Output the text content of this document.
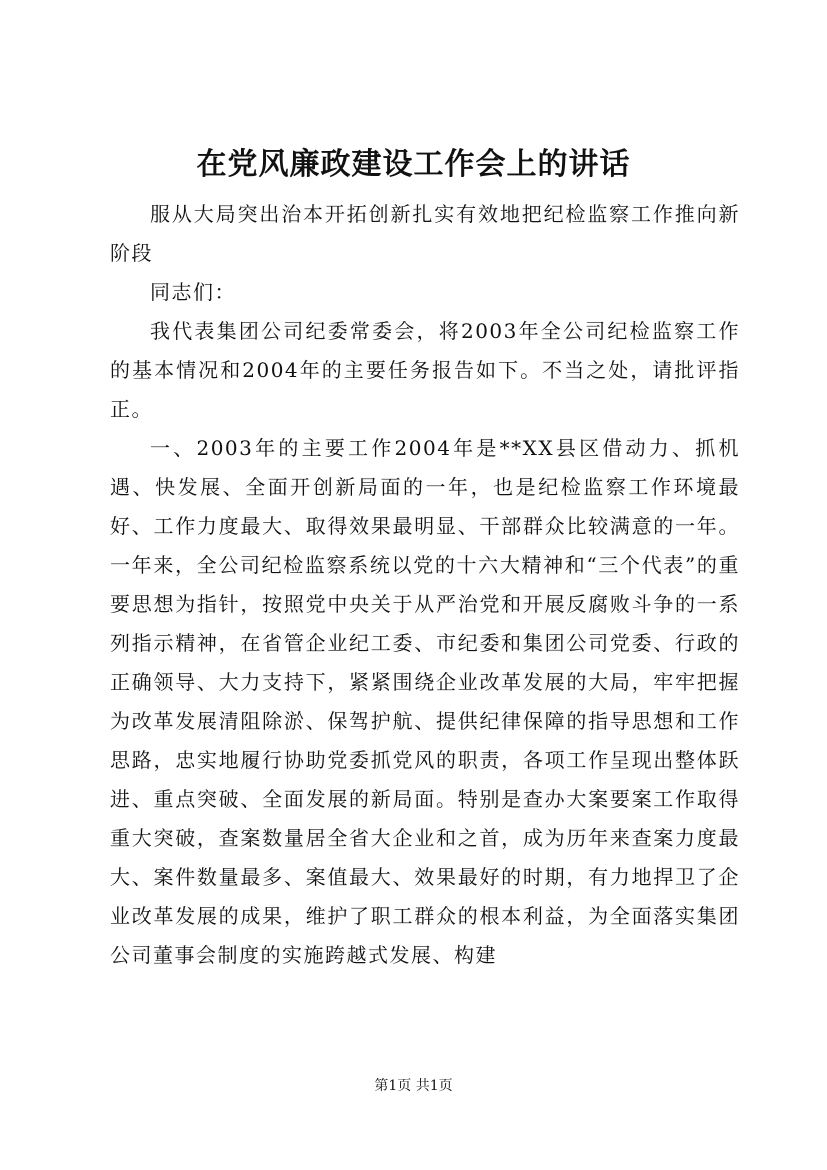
在党风廉政建设工作会上的讲话

服从大局突出治本开拓创新扎实有效地把纪检监察工作推向新阶段

同志们：

我代表集团公司纪委常委会，将2003年全公司纪检监察工作的基本情况和2004年的主要任务报告如下。不当之处，请批评指正。

一、2003年的主要工作2004年是**XX县区借动力、抓机遇、快发展、全面开创新局面的一年，也是纪检监察工作环境最好、工作力度最大、取得效果最明显、干部群众比较满意的一年。一年来，全公司纪检监察系统以党的十六大精神和“三个代表”的重要思想为指针，按照党中央关于从严治党和开展反腐败斗争的一系列指示精神，在省管企业纪工委、市纪委和集团公司党委、行政的正确领导、大力支持下，紧紧围绕企业改革发展的大局，牢牢把握为改革发展清阻除淤、保驾护航、提供纪律保障的指导思想和工作思路，忠实地履行协助党委抓党风的职责，各项工作呈现出整体跃进、重点突破、全面发展的新局面。特别是查办大案要案工作取得重大突破，查案数量居全省大企业和之首，成为历年来查案力度最大、案件数量最多、案值最大、效果最好的时期，有力地捍卫了企业改革发展的成果，维护了职工群众的根本利益，为全面落实集团公司董事会制度的实施跨越式发展、构建

第1页 共1页
